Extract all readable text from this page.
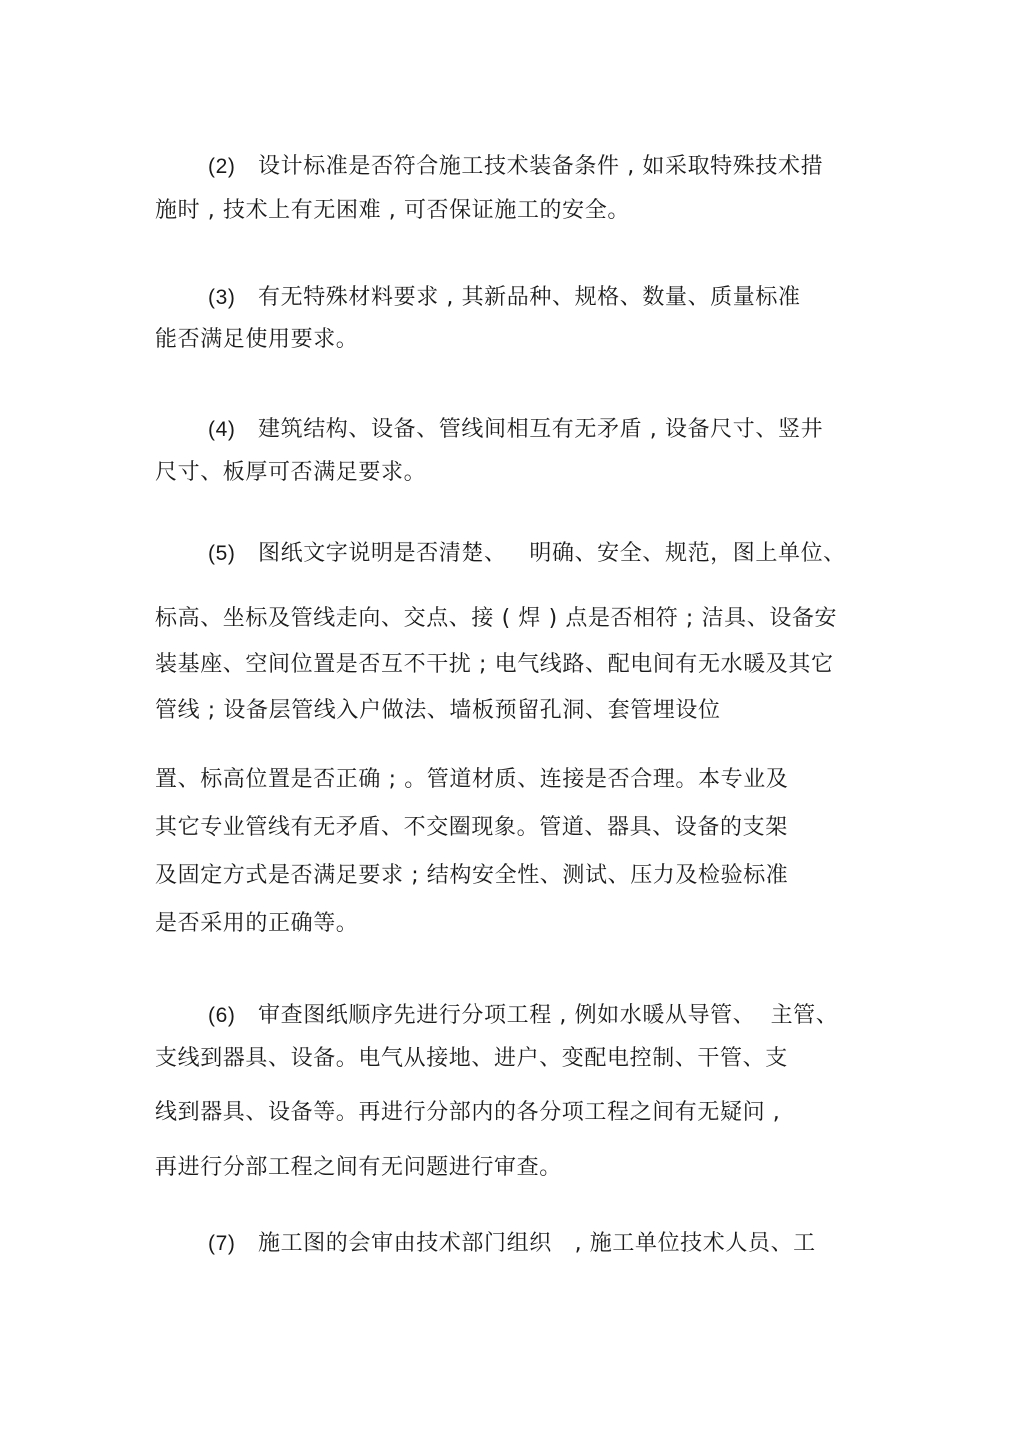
(2) 设计标准是否符合施工技术装备条件 , 如采取特殊技术措
施时 , 技术上有无困难 , 可否保证施工的安全。
(3) 有无特殊材料要求 , 其新品种、规格、数量、质量标准
能否满足使用要求。
(4) 建筑结构、设备、管线间相互有无矛盾 , 设备尺寸、竖井
尺寸、板厚可否满足要求。
(5) 图纸文字说明是否清楚、   明确、安全、规范，图上单位、
标高、坐标及管线走向、交点、接 ( 焊 ) 点是否相符 ; 洁具、设备安
装基座、空间位置是否互不干扰 ; 电气线路、配电间有无水暖及其它
管线 ; 设备层管线入户做法、墙板预留孔洞、套管埋设位
置、标高位置是否正确 ; 。管道材质、连接是否合理。本专业及
其它专业管线有无矛盾、不交圈现象。管道、器具、设备的支架
及固定方式是否满足要求 ; 结构安全性、测试、压力及检验标准
是否采用的正确等。
(6) 审查图纸顺序先进行分项工程 , 例如水暖从导管、  主管、
支线到器具、设备。电气从接地、进户、变配电控制、干管、支
线到器具、设备等。再进行分部内的各分项工程之间有无疑问 ,
再进行分部工程之间有无问题进行审查。
(7) 施工图的会审由技术部门组织   , 施工单位技术人员、工
